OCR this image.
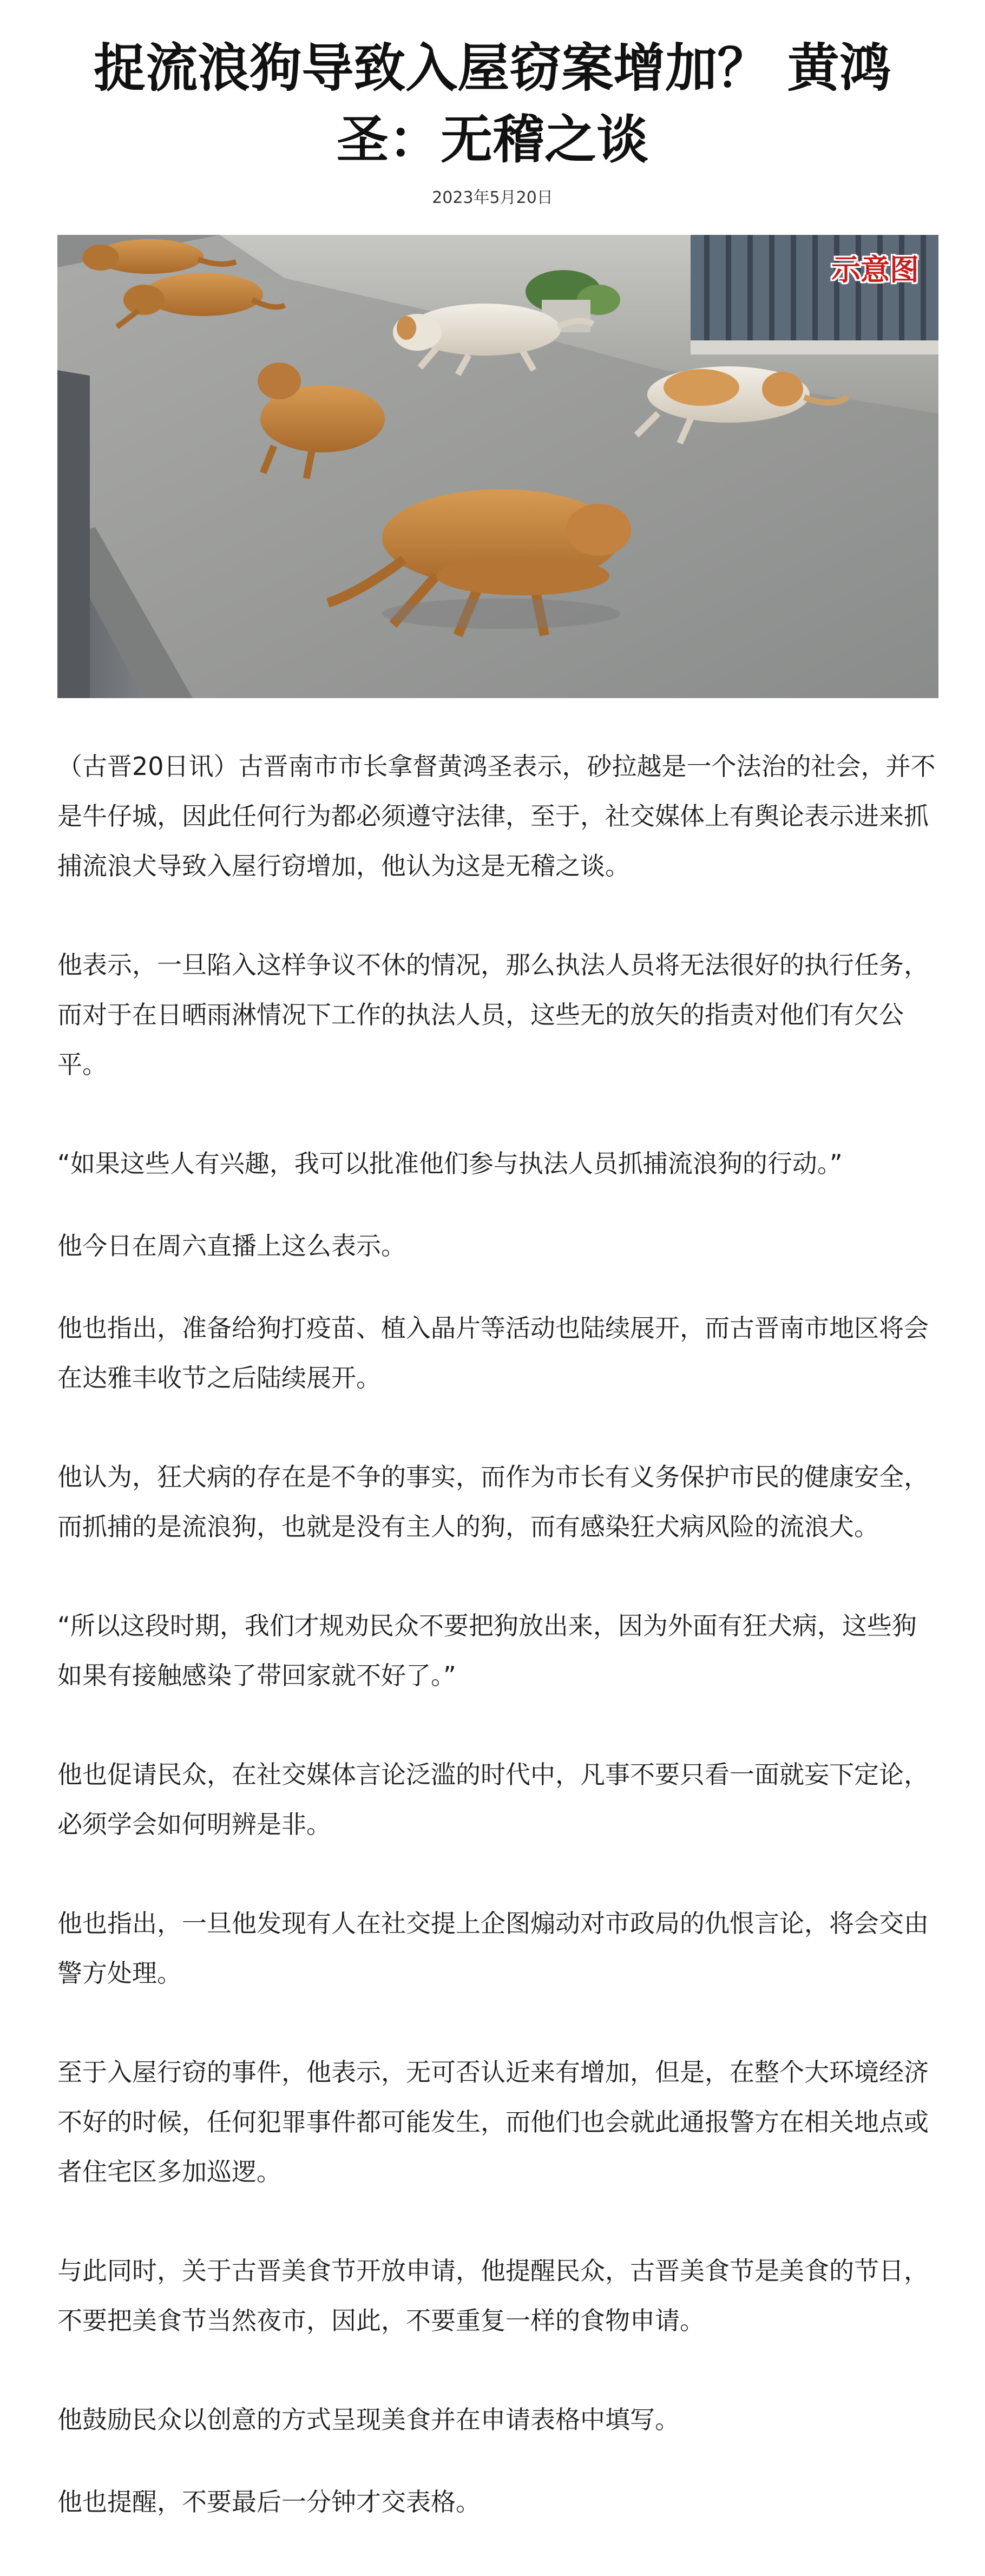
捉流浪狗导致入屋窃案增加？ 黄鸿圣：无稽之谈
2023年5月20日
示意图

（古晋20日讯）古晋南市市长拿督黄鸿圣表示，砂拉越是一个法治的社会，并不是牛仔城，因此任何行为都必须遵守法律，至于，社交媒体上有舆论表示进来抓捕流浪犬导致入屋行窃增加，他认为这是无稽之谈。

他表示，一旦陷入这样争议不休的情况，那么执法人员将无法很好的执行任务，而对于在日晒雨淋情况下工作的执法人员，这些无的放矢的指责对他们有欠公平。

“如果这些人有兴趣，我可以批准他们参与执法人员抓捕流浪狗的行动。”

他今日在周六直播上这么表示。

他也指出，准备给狗打疫苗、植入晶片等活动也陆续展开，而古晋南市地区将会在达雅丰收节之后陆续展开。

他认为，狂犬病的存在是不争的事实，而作为市长有义务保护市民的健康安全，而抓捕的是流浪狗，也就是没有主人的狗，而有感染狂犬病风险的流浪犬。

“所以这段时期，我们才规劝民众不要把狗放出来，因为外面有狂犬病，这些狗如果有接触感染了带回家就不好了。”

他也促请民众，在社交媒体言论泛滥的时代中，凡事不要只看一面就妄下定论，必须学会如何明辨是非。

他也指出，一旦他发现有人在社交提上企图煽动对市政局的仇恨言论，将会交由警方处理。

至于入屋行窃的事件，他表示，无可否认近来有增加，但是，在整个大环境经济不好的时候，任何犯罪事件都可能发生，而他们也会就此通报警方在相关地点或者住宅区多加巡逻。

与此同时，关于古晋美食节开放申请，他提醒民众，古晋美食节是美食的节日，不要把美食节当然夜市，因此，不要重复一样的食物申请。

他鼓励民众以创意的方式呈现美食并在申请表格中填写。

他也提醒，不要最后一分钟才交表格。
